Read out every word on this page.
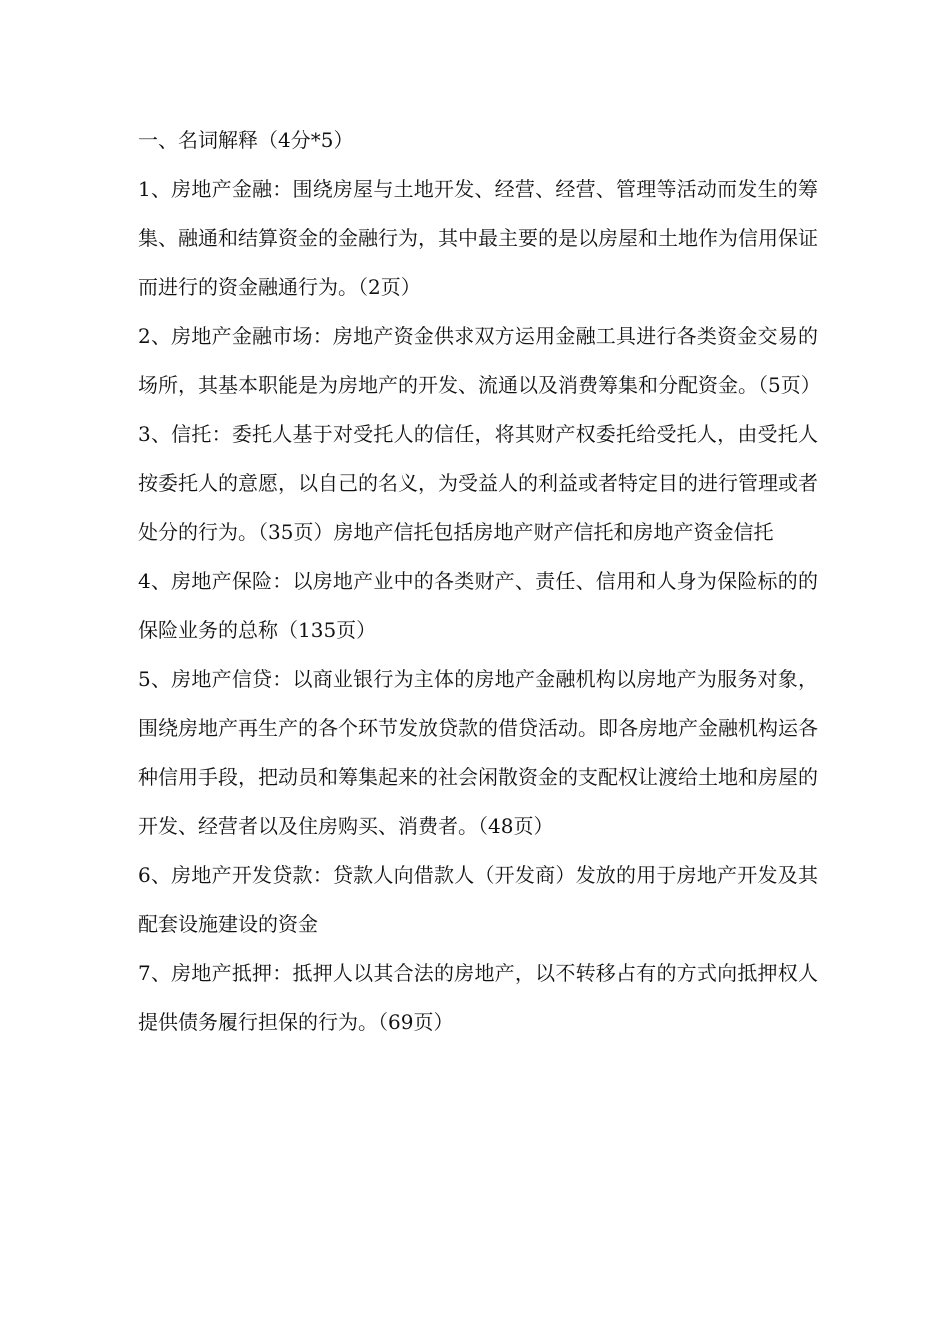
一、名词解释（4分*5）

1、房地产金融：围绕房屋与土地开发、经营、经营、管理等活动而发生的筹集、融通和结算资金的金融行为，其中最主要的是以房屋和土地作为信用保证而进行的资金融通行为。（2页）

2、房地产金融市场：房地产资金供求双方运用金融工具进行各类资金交易的场所，其基本职能是为房地产的开发、流通以及消费筹集和分配资金。（5页）

3、信托：委托人基于对受托人的信任，将其财产权委托给受托人，由受托人按委托人的意愿，以自己的名义，为受益人的利益或者特定目的进行管理或者处分的行为。（35页）房地产信托包括房地产财产信托和房地产资金信托

4、房地产保险：以房地产业中的各类财产、责任、信用和人身为保险标的的保险业务的总称（135页）

5、房地产信贷：以商业银行为主体的房地产金融机构以房地产为服务对象，围绕房地产再生产的各个环节发放贷款的借贷活动。即各房地产金融机构运各种信用手段，把动员和筹集起来的社会闲散资金的支配权让渡给土地和房屋的开发、经营者以及住房购买、消费者。（48页）

6、房地产开发贷款：贷款人向借款人（开发商）发放的用于房地产开发及其配套设施建设的资金

7、房地产抵押：抵押人以其合法的房地产，以不转移占有的方式向抵押权人提供债务履行担保的行为。（69页）
